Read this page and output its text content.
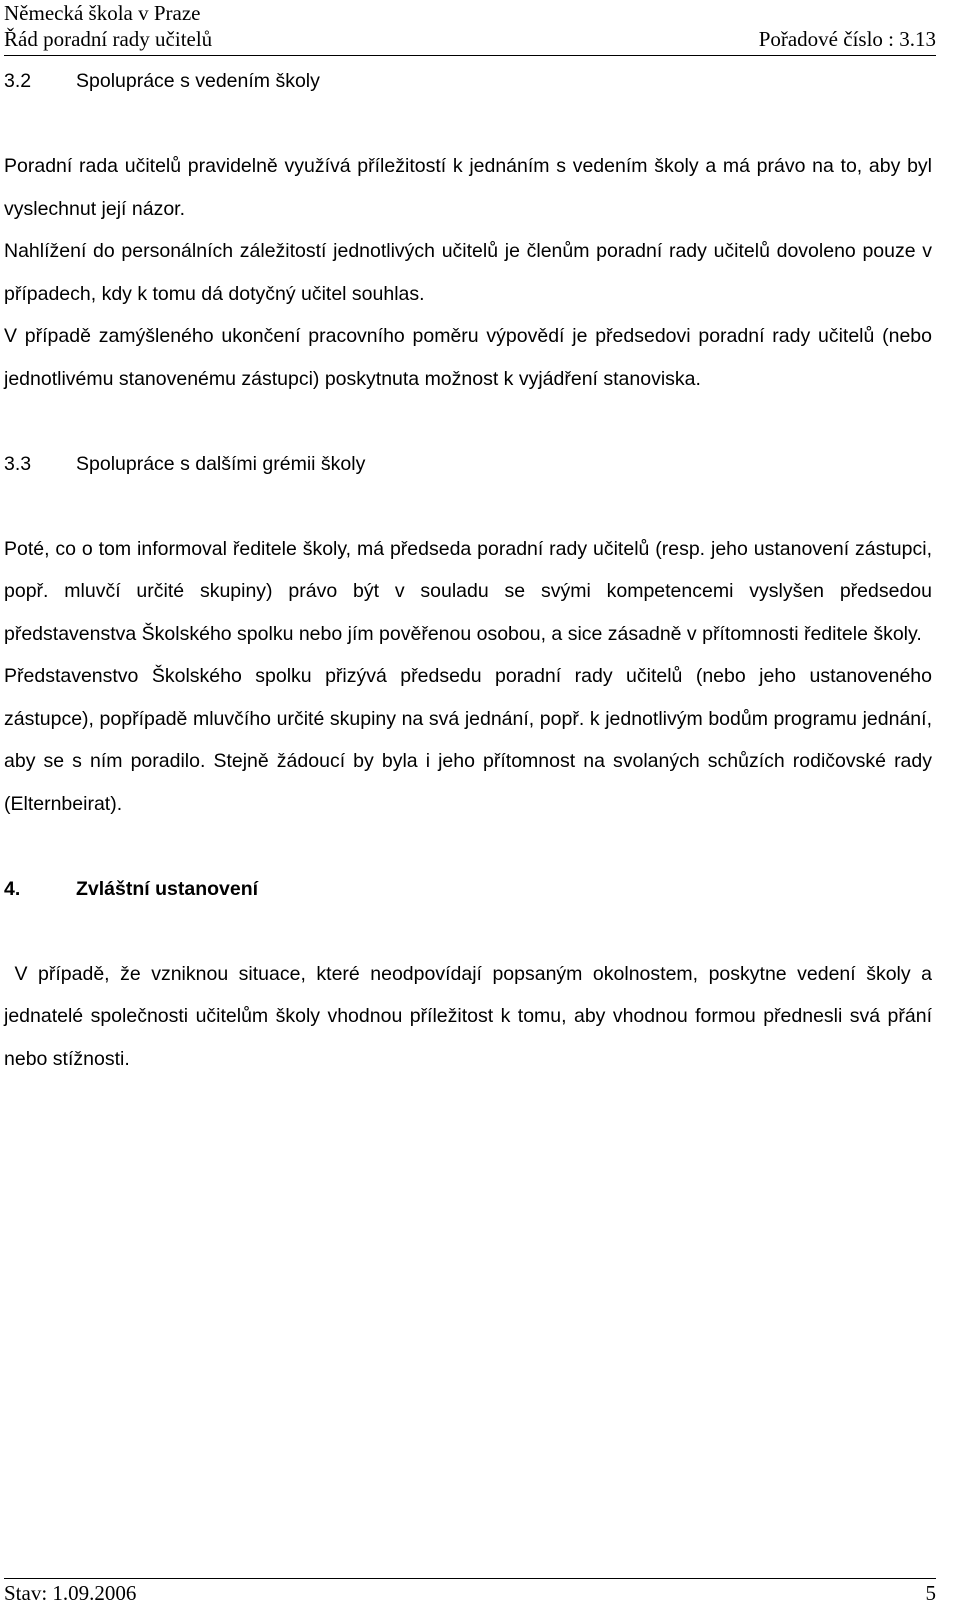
Německá škola v Praze
Řád poradní rady učitelů	Pořadové číslo : 3.13
3.2	Spolupráce s vedením školy

Poradní rada učitelů pravidelně využívá příležitostí k jednáním s vedením školy a má právo na to, aby byl vyslechnut její názor.

Nahlížení do personálních záležitostí jednotlivých učitelů je členům poradní rady učitelů dovoleno pouze v případech, kdy k tomu dá dotyčný učitel souhlas.

V případě zamýšleného ukončení pracovního poměru výpovědí je předsedovi poradní rady učitelů (nebo jednotlivému stanovenému zástupci) poskytnuta možnost k vyjádření stanoviska.

3.3	Spolupráce s dalšími grémii školy

Poté, co o tom informoval ředitele školy, má předseda poradní rady učitelů (resp. jeho ustanovení zástupci, popř. mluvčí určité skupiny) právo být v souladu se svými kompetencemi vyslyšen předsedou představenstva Školského spolku nebo jím pověřenou osobou, a sice zásadně v přítomnosti ředitele školy.

Představenstvo Školského spolku přizývá předsedu poradní rady učitelů (nebo jeho ustanoveného zástupce), popřípadě mluvčího určité skupiny na svá jednání, popř. k jednotlivým bodům programu jednání, aby se s ním poradilo. Stejně žádoucí by byla i jeho přítomnost na svolaných schůzích rodičovské rady (Elternbeirat).

4.	Zvláštní ustanovení

V případě, že vzniknou situace, které neodpovídají popsaným okolnostem, poskytne vedení školy a jednatelé společnosti učitelům školy vhodnou příležitost k tomu, aby vhodnou formou přednesli svá přání nebo stížnosti.

Stav: 1.09.2006	5
